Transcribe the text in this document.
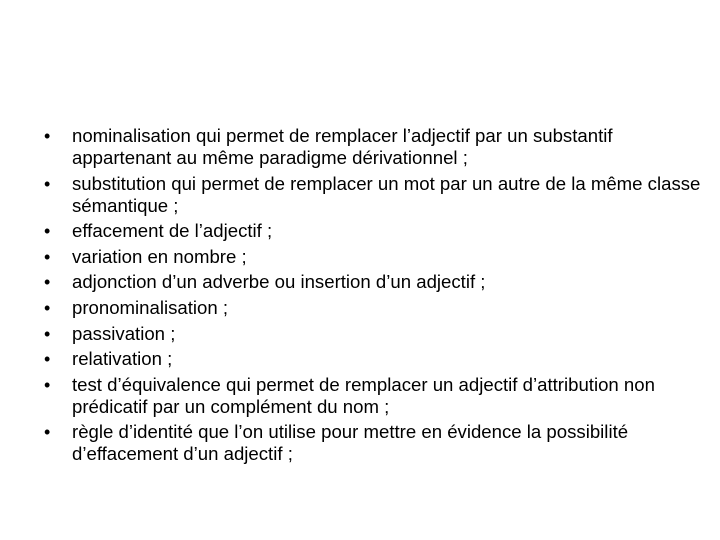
•	nominalisation qui permet de remplacer l’adjectif par un substantif appartenant au même paradigme dérivationnel ;
•	substitution qui permet de remplacer un mot par un autre de la même classe sémantique ;
•	effacement de l’adjectif ;
•	variation en nombre ;
•	adjonction d’un adverbe ou insertion d’un adjectif ;
•	pronominalisation ;
•	passivation ;
•	relativation ;
•	test d’équivalence qui permet de remplacer un adjectif d’attribution non prédicatif par un complément du nom ;
•	règle d’identité que l’on utilise pour mettre en évidence la possibilité d’effacement d’un adjectif ;
